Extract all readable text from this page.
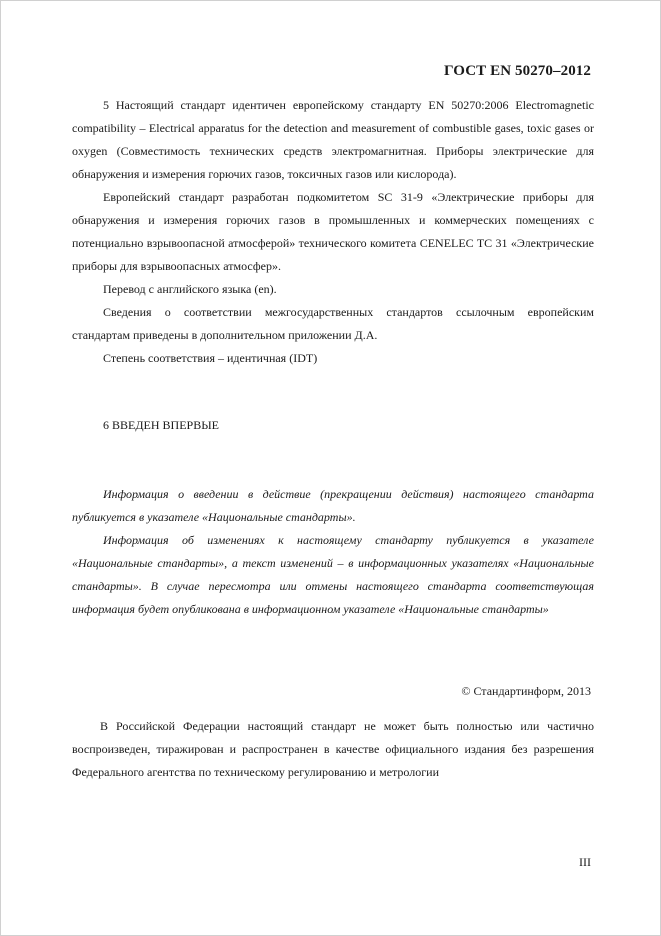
ГОСТ EN 50270–2012

5 Настоящий стандарт идентичен европейскому стандарту EN 50270:2006 Electromagnetic compatibility – Electrical apparatus for the detection and measurement of combustible gases, toxic gases or oxygen (Совместимость технических средств электромагнитная. Приборы электрические для обнаружения и измерения горючих газов, токсичных газов или кислорода).

Европейский стандарт разработан подкомитетом SC 31-9 «Электрические приборы для обнаружения и измерения горючих газов в промышленных и коммерческих помещениях с потенциально взрывоопасной атмосферой» технического комитета CENELEC TC 31 «Электрические приборы для взрывоопасных атмосфер».

Перевод с английского языка (en).

Сведения о соответствии межгосударственных стандартов ссылочным европейским стандартам приведены в дополнительном приложении Д.А.

Степень соответствия – идентичная (IDT)

6 ВВЕДЕН ВПЕРВЫЕ

Информация о введении в действие (прекращении действия) настоящего стандарта публикуется в указателе «Национальные стандарты».

Информация об изменениях к настоящему стандарту публикуется в указателе «Национальные стандарты», а текст изменений – в информационных указателях «Национальные стандарты». В случае пересмотра или отмены настоящего стандарта соответствующая информация будет опубликована в информационном указателе «Национальные стандарты»

© Стандартинформ, 2013

В Российской Федерации настоящий стандарт не может быть полностью или частично воспроизведен, тиражирован и распространен в качестве официального издания без разрешения Федерального агентства по техническому регулированию и метрологии

III
